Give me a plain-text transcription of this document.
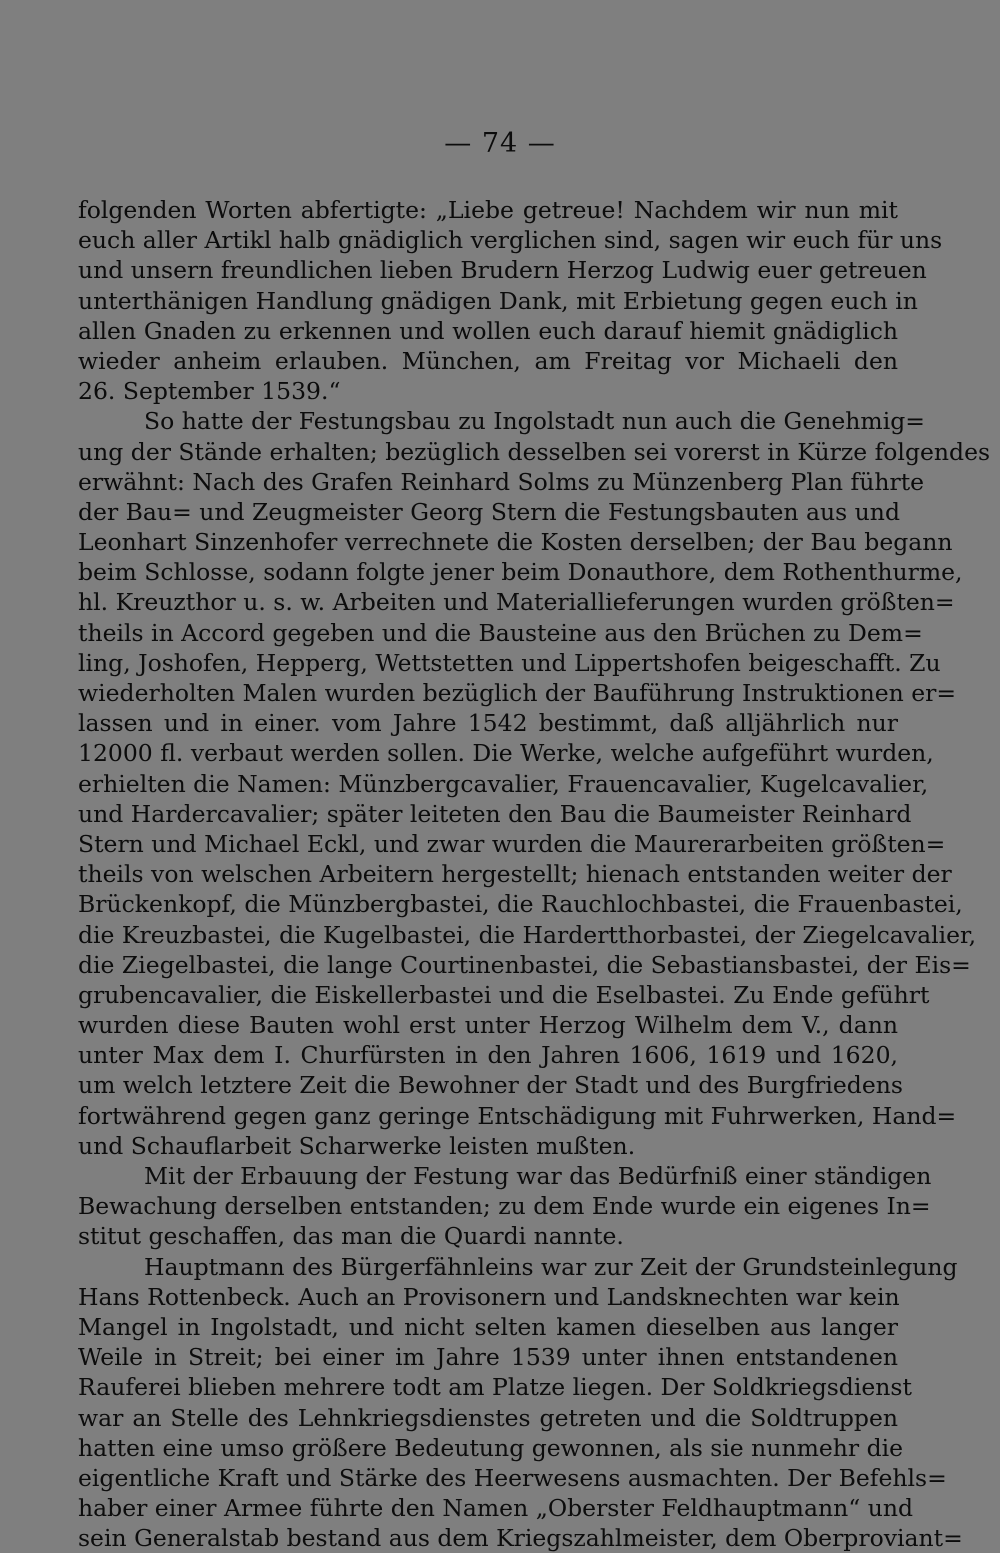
— 74 —
folgenden Worten abfertigte: „Liebe getreue! Nachdem wir nun mit
euch aller Artikl halb gnädiglich verglichen sind, sagen wir euch für uns
und unsern freundlichen lieben Brudern Herzog Ludwig euer getreuen
unterthänigen Handlung gnädigen Dank, mit Erbietung gegen euch in
allen Gnaden zu erkennen und wollen euch darauf hiemit gnädiglich
wieder anheim erlauben. München, am Freitag vor Michaeli den
26. September 1539.“
So hatte der Festungsbau zu Ingolstadt nun auch die Genehmig=
ung der Stände erhalten; bezüglich desselben sei vorerst in Kürze folgendes
erwähnt: Nach des Grafen Reinhard Solms zu Münzenberg Plan führte
der Bau= und Zeugmeister Georg Stern die Festungsbauten aus und
Leonhart Sinzenhofer verrechnete die Kosten derselben; der Bau begann
beim Schlosse, sodann folgte jener beim Donauthore, dem Rothenthurme,
hl. Kreuzthor u. s. w. Arbeiten und Materiallieferungen wurden größten=
theils in Accord gegeben und die Bausteine aus den Brüchen zu Dem=
ling, Joshofen, Hepperg, Wettstetten und Lippertshofen beigeschafft. Zu
wiederholten Malen wurden bezüglich der Bauführung Instruktionen er=
lassen und in einer. vom Jahre 1542 bestimmt, daß alljährlich nur
12000 fl. verbaut werden sollen. Die Werke, welche aufgeführt wurden,
erhielten die Namen: Münzbergcavalier, Frauencavalier, Kugelcavalier,
und Hardercavalier; später leiteten den Bau die Baumeister Reinhard
Stern und Michael Eckl, und zwar wurden die Maurerarbeiten größten=
theils von welschen Arbeitern hergestellt; hienach entstanden weiter der
Brückenkopf, die Münzbergbastei, die Rauchlochbastei, die Frauenbastei,
die Kreuzbastei, die Kugelbastei, die Hardertthorbastei, der Ziegelcavalier,
die Ziegelbastei, die lange Courtinenbastei, die Sebastiansbastei, der Eis=
grubencavalier, die Eiskellerbastei und die Eselbastei. Zu Ende geführt
wurden diese Bauten wohl erst unter Herzog Wilhelm dem V., dann
unter Max dem I. Churfürsten in den Jahren 1606, 1619 und 1620,
um welch letztere Zeit die Bewohner der Stadt und des Burgfriedens
fortwährend gegen ganz geringe Entschädigung mit Fuhrwerken, Hand=
und Schauflarbeit Scharwerke leisten mußten.
Mit der Erbauung der Festung war das Bedürfniß einer ständigen
Bewachung derselben entstanden; zu dem Ende wurde ein eigenes In=
stitut geschaffen, das man die Quardi nannte.
Hauptmann des Bürgerfähnleins war zur Zeit der Grundsteinlegung
Hans Rottenbeck. Auch an Provisonern und Landsknechten war kein
Mangel in Ingolstadt, und nicht selten kamen dieselben aus langer
Weile in Streit; bei einer im Jahre 1539 unter ihnen entstandenen
Rauferei blieben mehrere todt am Platze liegen. Der Soldkriegsdienst
war an Stelle des Lehnkriegsdienstes getreten und die Soldtruppen
hatten eine umso größere Bedeutung gewonnen, als sie nunmehr die
eigentliche Kraft und Stärke des Heerwesens ausmachten. Der Befehls=
haber einer Armee führte den Namen „Oberster Feldhauptmann“ und
sein Generalstab bestand aus dem Kriegszahlmeister, dem Oberproviant=
